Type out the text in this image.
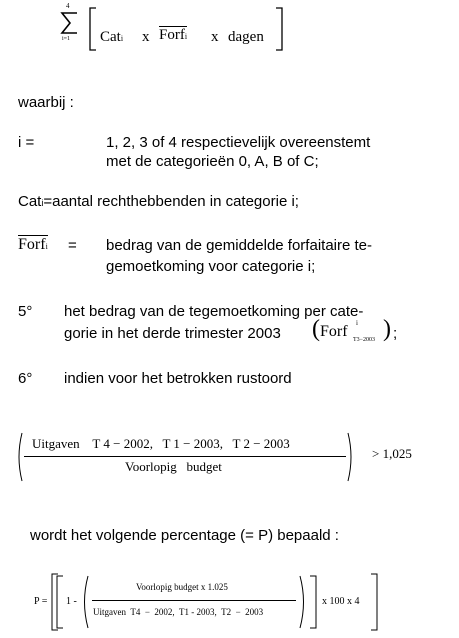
4
i=1 Cati x Forfi x dagen
waarbij :
i =	1, 2, 3 of 4 respectievelijk overeenstemt
met de categorieën 0, A, B of C;
Cati=aantal rechthebbenden in categorie i;
Forfi = bedrag van de gemiddelde forfaitaire te-
gemoetkoming voor categorie i;
5° het bedrag van de tegemoetkoming per cate-
gorie in het derde trimester 2003 ( Forf i
T3−2003 ) ;
6° indien voor het betrokken rustoord
Uitgaven    T 4 − 2002,   T 1 − 2003,   T 2 − 2003
Voorlopig   budget
> 1,025
wordt het volgende percentage (= P) bepaald :
P = 1 -
Voorlopig budget x 1.025
Uitgaven  T4  −  2002,  T1 - 2003,  T2  −  2003
x 100 x 4
